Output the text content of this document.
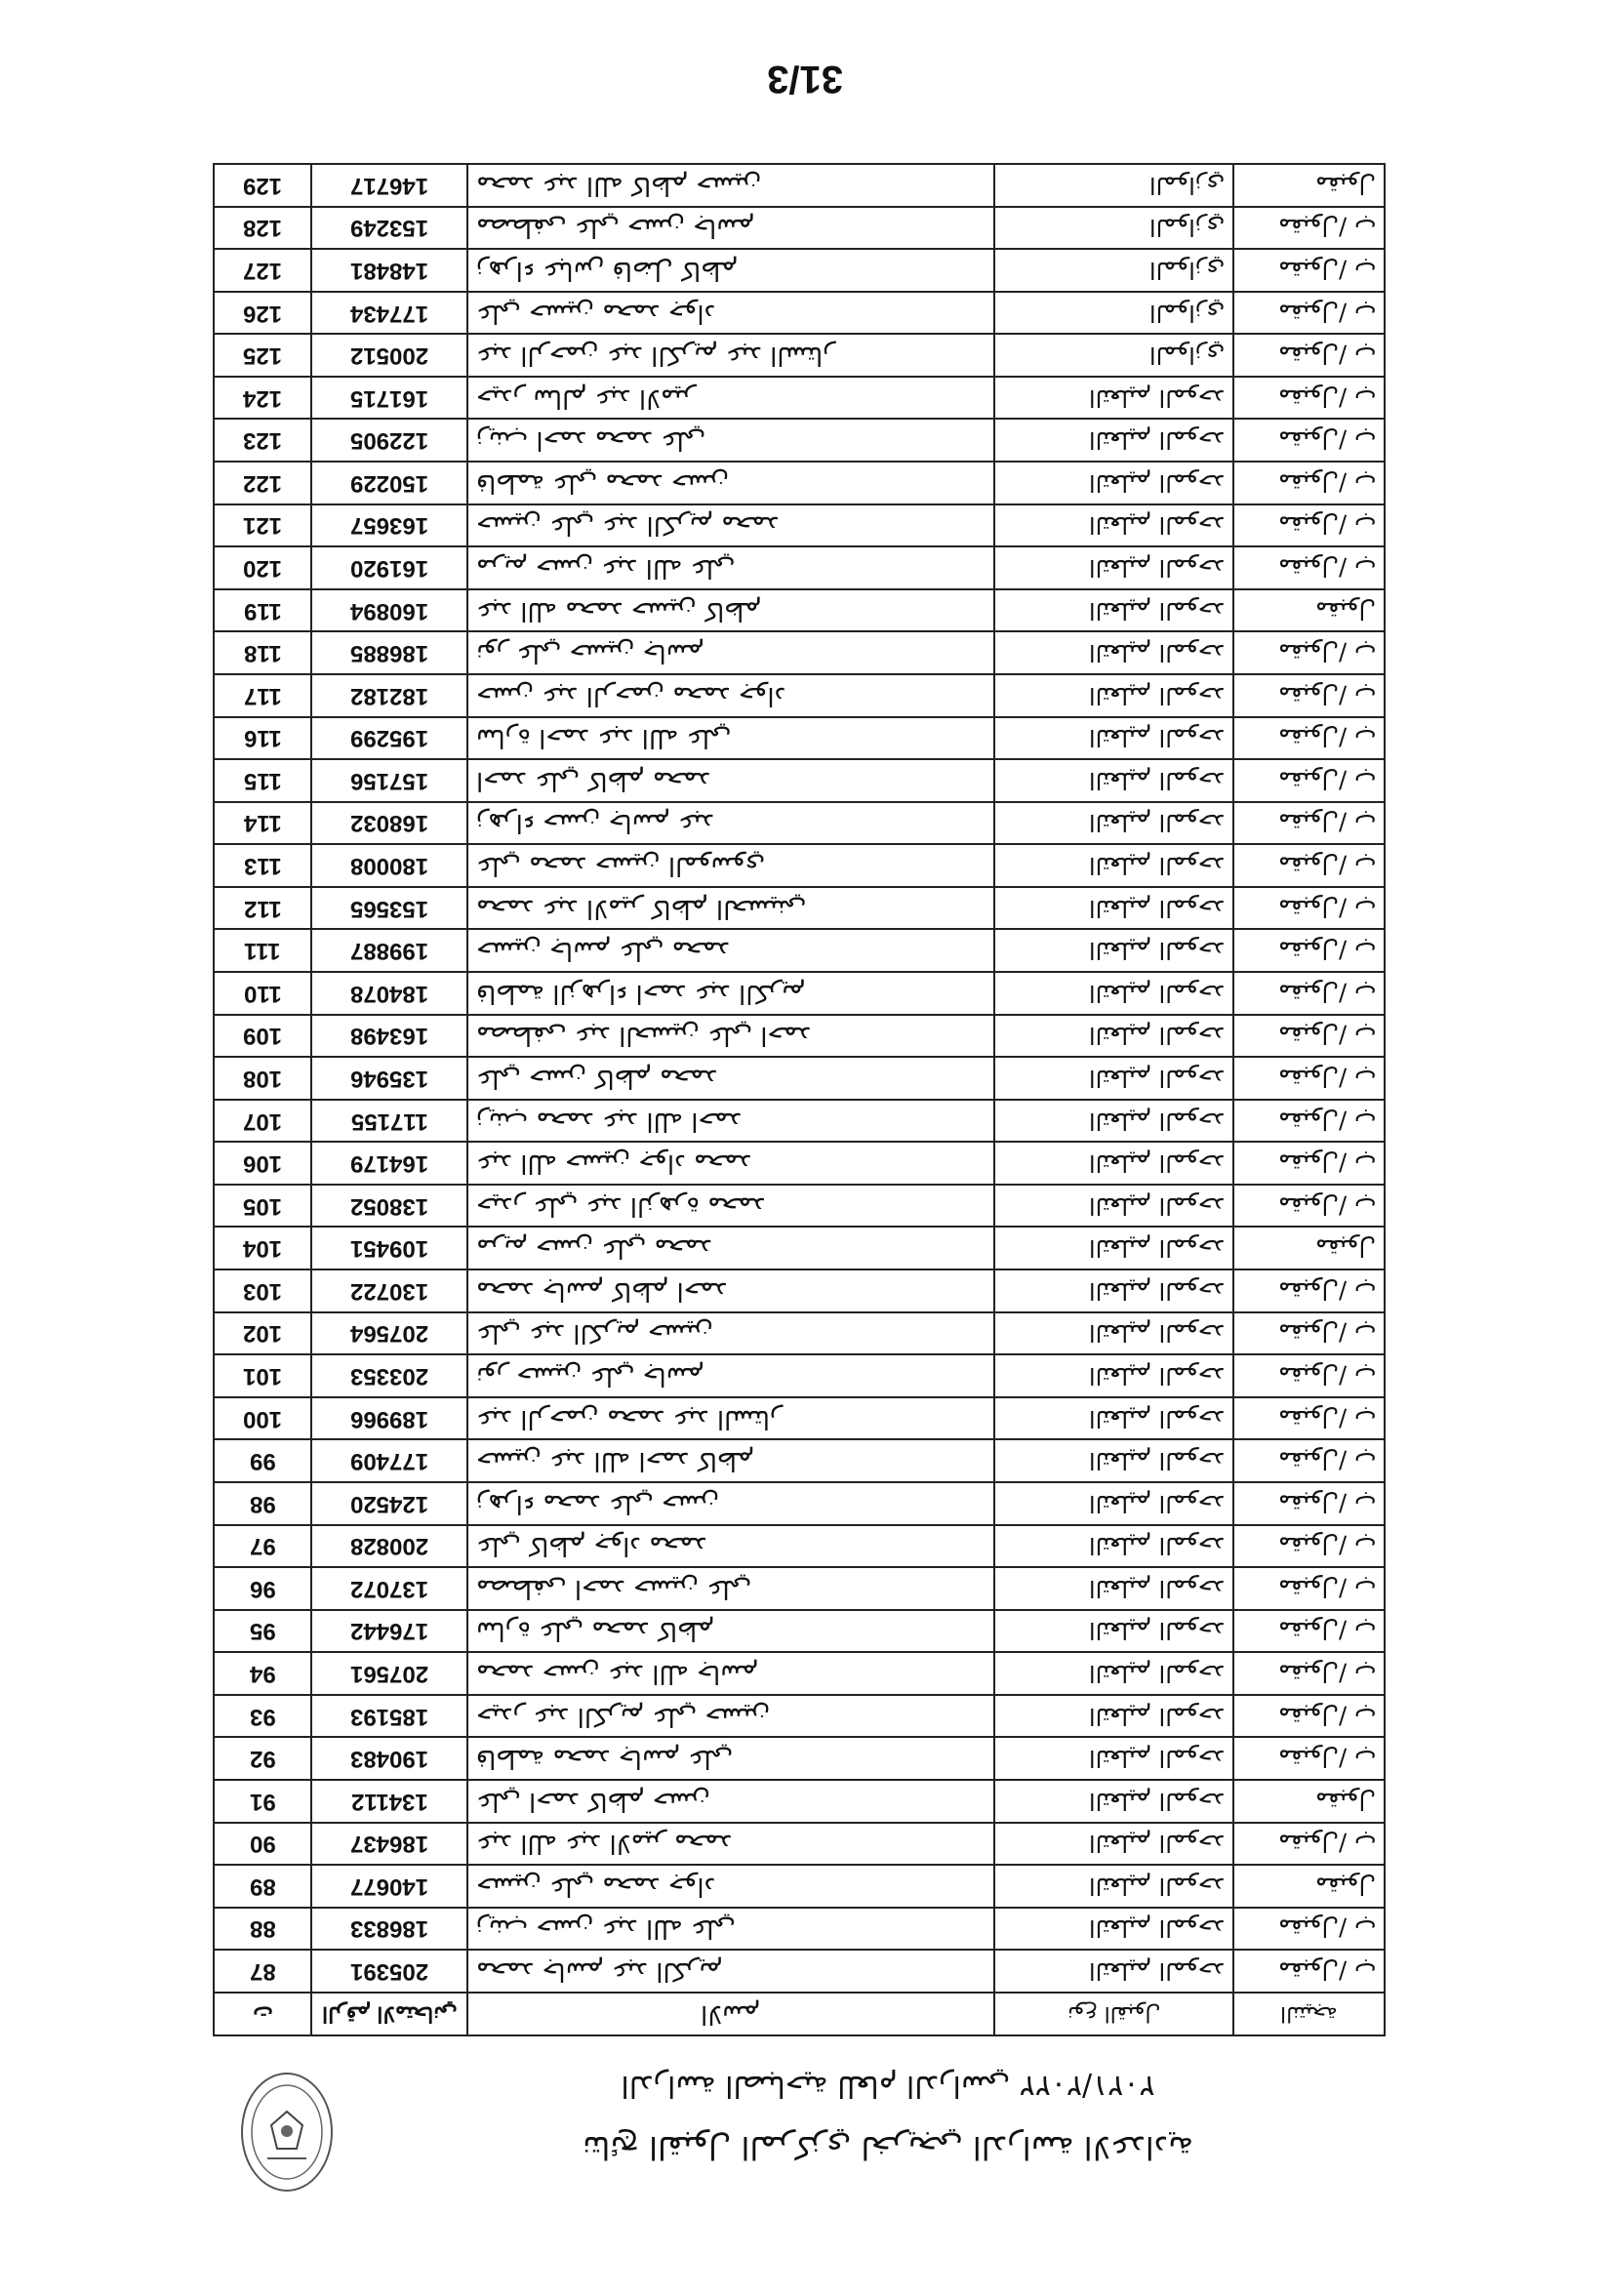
31/3
129	146717	محمد عبد الله كاظم حسين	الموازي	مقبول
128	153249	مصطفى علي حسن جاسم	الموازي	مقبول/ ب
127	148481	زهراء عباس فاضل كاظم	الموازي	مقبول/ ب
126	177434	علي حسين محمد جواد	الموازي	مقبول/ ب
125	200512	عبد الرحمن عبد الكريم عبد الستار	الموازي	مقبول/ ب
124	161715	حيدر سالم عبد الامير	التعليم الموحد	مقبول/ ب
123	122905	زينب احمد محمد علي	التعليم الموحد	مقبول/ ب
122	150229	فاطمة علي محمد حسن	التعليم الموحد	مقبول/ ب
121	163657	حسين علي عبد الكريم محمد	التعليم الموحد	مقبول/ ب
120	161920	مريم حسن عبد الله علي	التعليم الموحد	مقبول/ ب
119	160894	عبد الله محمد حسين كاظم	التعليم الموحد	مقبول
118	186885	نور علي حسين جاسم	التعليم الموحد	مقبول/ ب
117	182182	حسن عبد الرحمن محمد جواد	التعليم الموحد	مقبول/ ب
116	195299	سارة احمد عبد الله علي	التعليم الموحد	مقبول/ ب
115	157156	احمد علي كاظم محمد	التعليم الموحد	مقبول/ ب
114	168032	زهراء حسن جاسم عبد	التعليم الموحد	مقبول/ ب
113	180008	علي محمد حسين الموسوي	التعليم الموحد	مقبول/ ب
112	153565	محمد عبد الامير كاظم الحسيني	التعليم الموحد	مقبول/ ب
111	199887	حسين جاسم علي محمد	التعليم الموحد	مقبول/ ب
110	184078	فاطمة الزهراء احمد عبد الكريم	التعليم الموحد	مقبول/ ب
109	163498	مصطفى عبد الحسين علي احمد	التعليم الموحد	مقبول/ ب
108	135946	علي حسن كاظم محمد	التعليم الموحد	مقبول/ ب
107	117155	زينب محمد عبد الله احمد	التعليم الموحد	مقبول/ ب
106	164179	عبد الله حسين جواد محمد	التعليم الموحد	مقبول/ ب
105	138052	حيدر علي عبد الزهرة محمد	التعليم الموحد	مقبول/ ب
104	109451	مريم حسن علي محمد	التعليم الموحد	مقبول
103	130722	محمد جاسم كاظم احمد	التعليم الموحد	مقبول/ ب
102	207564	علي عبد الكريم حسين	التعليم الموحد	مقبول/ ب
101	203353	نور حسين علي جاسم	التعليم الموحد	مقبول/ ب
100	189966	عبد الرحمن محمد عبد الستار	التعليم الموحد	مقبول/ ب
99	177409	حسين عبد الله احمد كاظم	التعليم الموحد	مقبول/ ب
98	124520	زهراء محمد علي حسن	التعليم الموحد	مقبول/ ب
97	200828	علي كاظم جواد محمد	التعليم الموحد	مقبول/ ب
96	137072	مصطفى احمد حسين علي	التعليم الموحد	مقبول/ ب
95	176442	سارة علي محمد كاظم	التعليم الموحد	مقبول/ ب
94	207561	محمد حسن عبد الله جاسم	التعليم الموحد	مقبول/ ب
93	185193	حيدر عبد الكريم علي حسين	التعليم الموحد	مقبول/ ب
92	190483	فاطمة محمد جاسم علي	التعليم الموحد	مقبول/ ب
91	134112	علي احمد كاظم حسن	التعليم الموحد	مقبول
90	186437	عبد الله عبد الامير محمد	التعليم الموحد	مقبول/ ب
89	140677	حسين علي محمد جواد	التعليم الموحد	مقبول
88	186833	زينب حسن عبد الله علي	التعليم الموحد	مقبول/ ب
87	205391	محمد جاسم عبد الكريم	التعليم الموحد	مقبول/ ب
ت	الرقم الامتحاني	الاسم	نوع القبول	النتيجة
الدراسة الصباحية للعام الدراسي ٢٠٢١/٢٠٢٢
نتائج القبول المركزي لخريجي الدراسة الاعدادية
